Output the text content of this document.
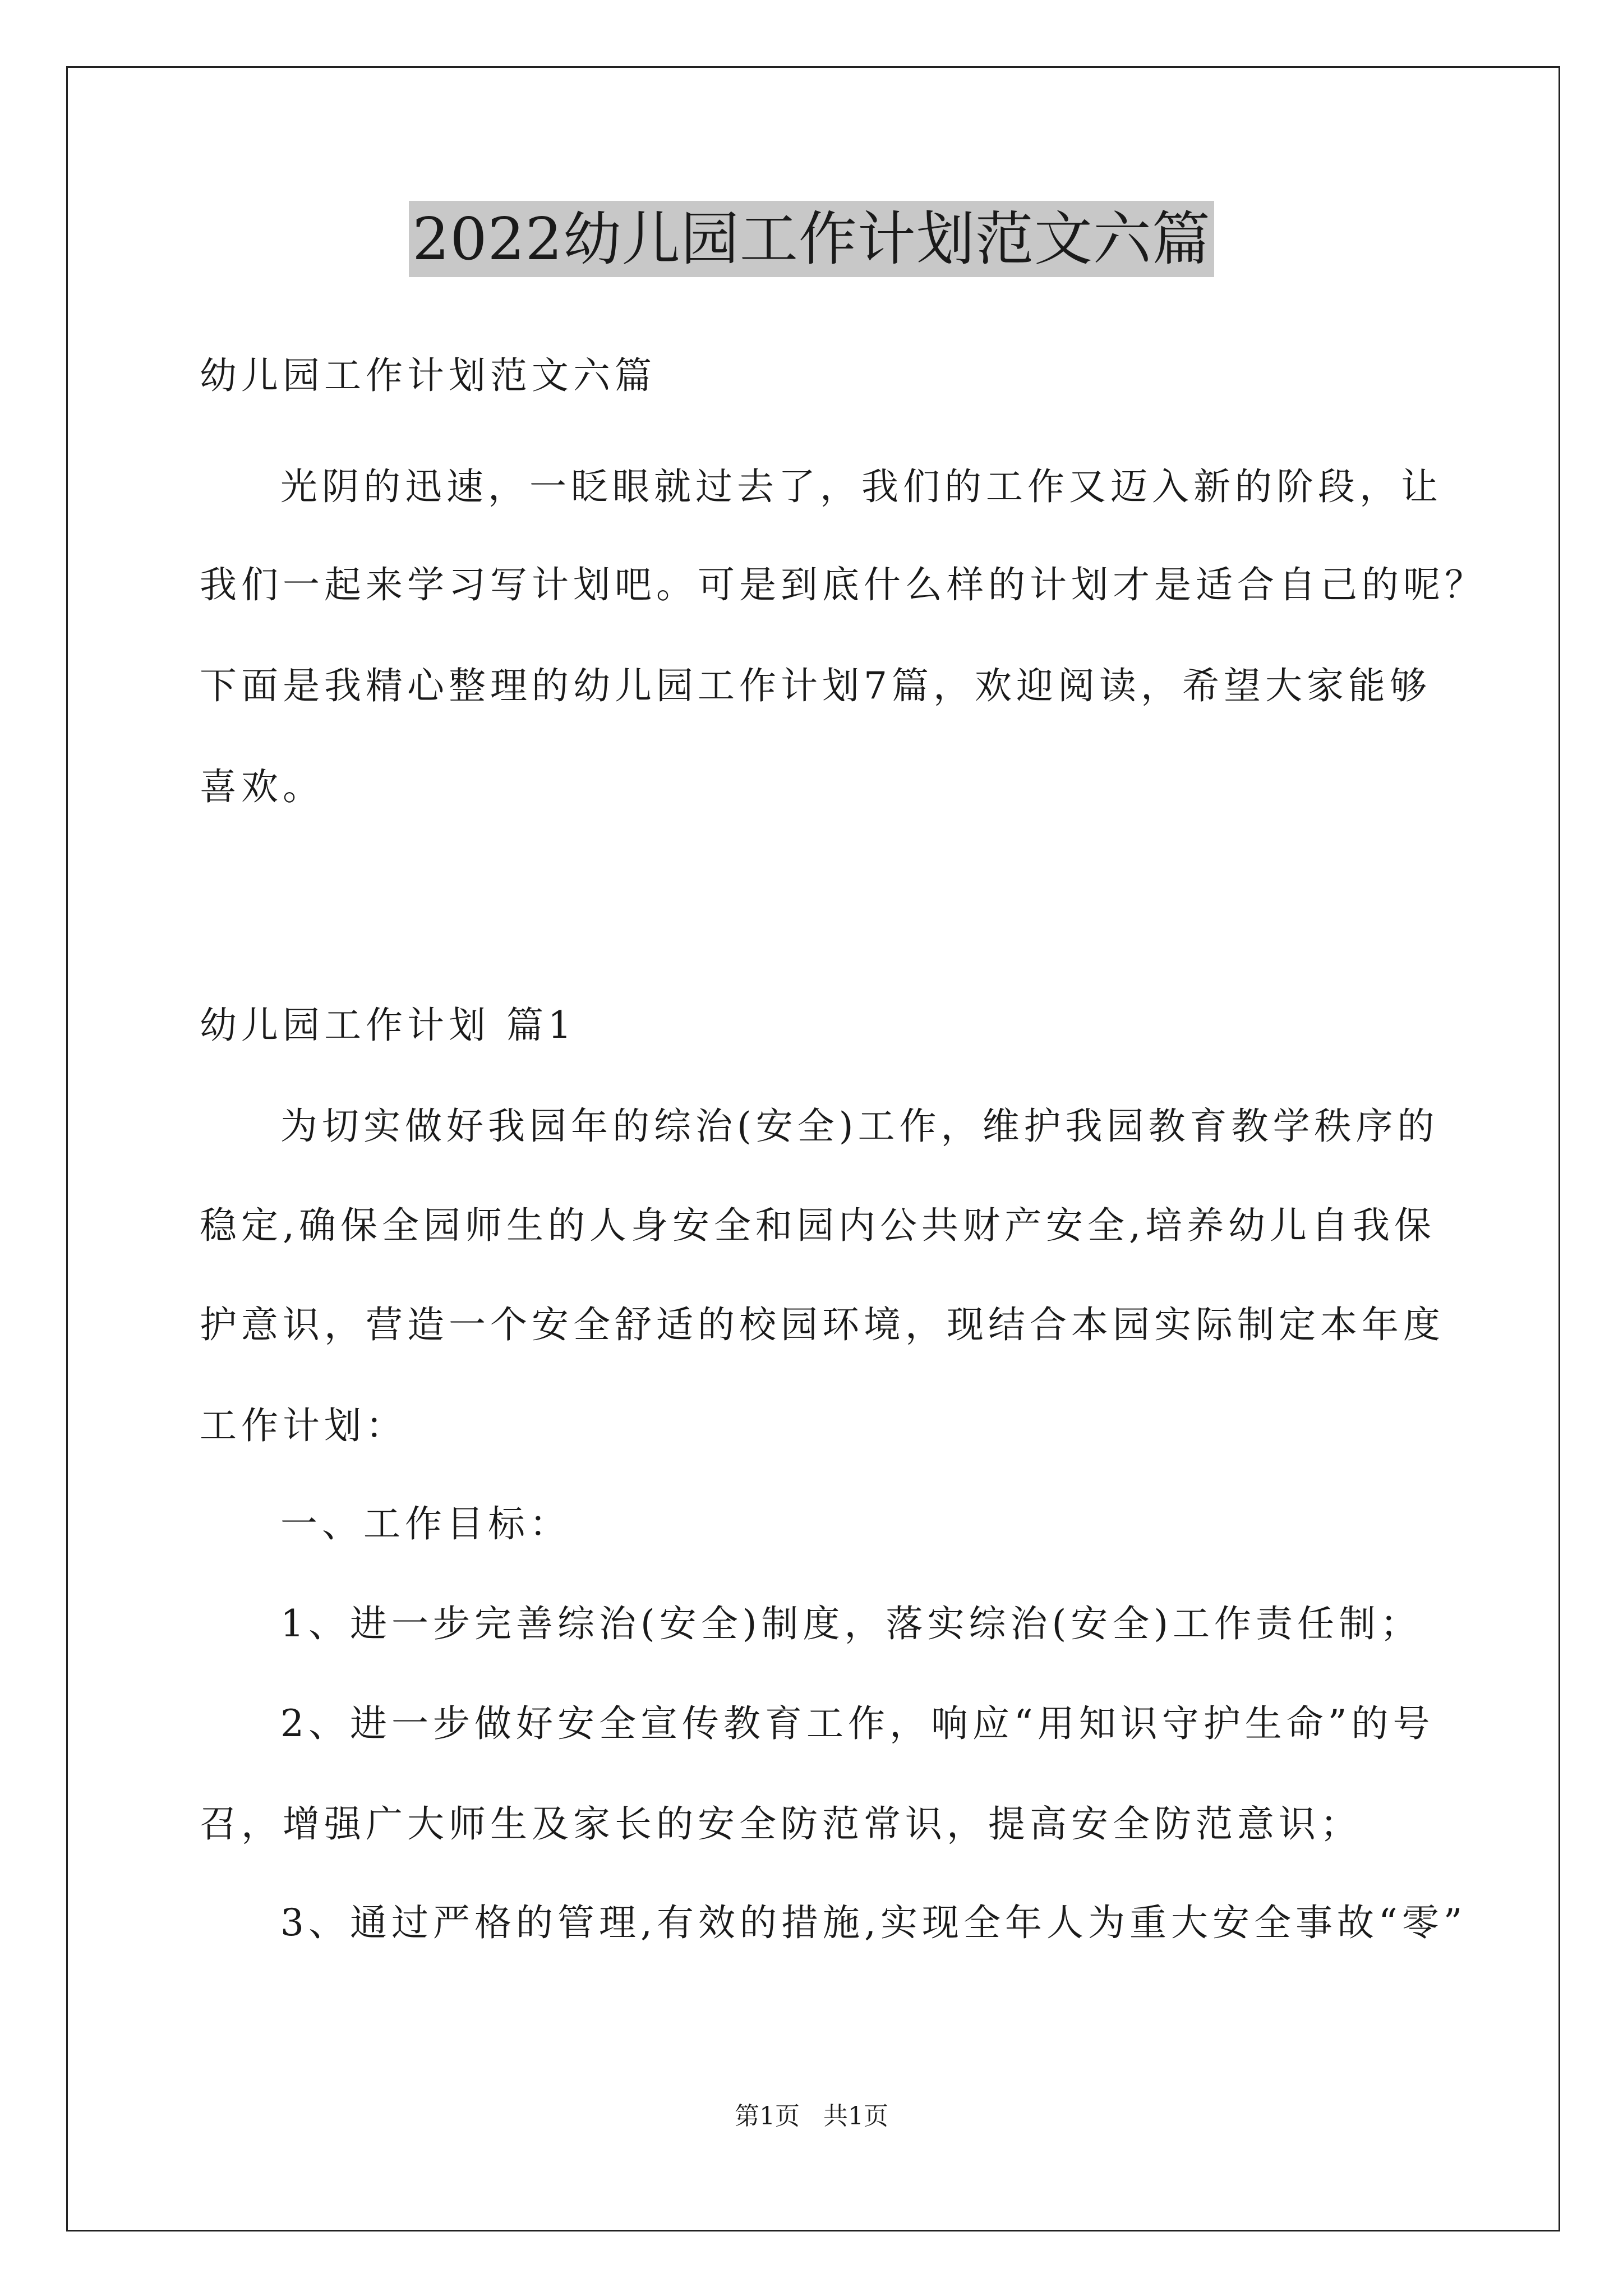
2022幼儿园工作计划范文六篇
幼儿园工作计划范文六篇
光阴的迅速，一眨眼就过去了，我们的工作又迈入新的阶段，让
我们一起来学习写计划吧。可是到底什么样的计划才是适合自己的呢？
下面是我精心整理的幼儿园工作计划7篇，欢迎阅读，希望大家能够
喜欢。
幼儿园工作计划 篇1
为切实做好我园年的综治(安全)工作，维护我园教育教学秩序的
稳定,确保全园师生的人身安全和园内公共财产安全,培养幼儿自我保
护意识，营造一个安全舒适的校园环境，现结合本园实际制定本年度
工作计划：
一、工作目标：
1、进一步完善综治(安全)制度，落实综治(安全)工作责任制；
2、进一步做好安全宣传教育工作，响应“用知识守护生命”的号
召，增强广大师生及家长的安全防范常识，提高安全防范意识；
3、通过严格的管理,有效的措施,实现全年人为重大安全事故“零”
第1页   共1页
